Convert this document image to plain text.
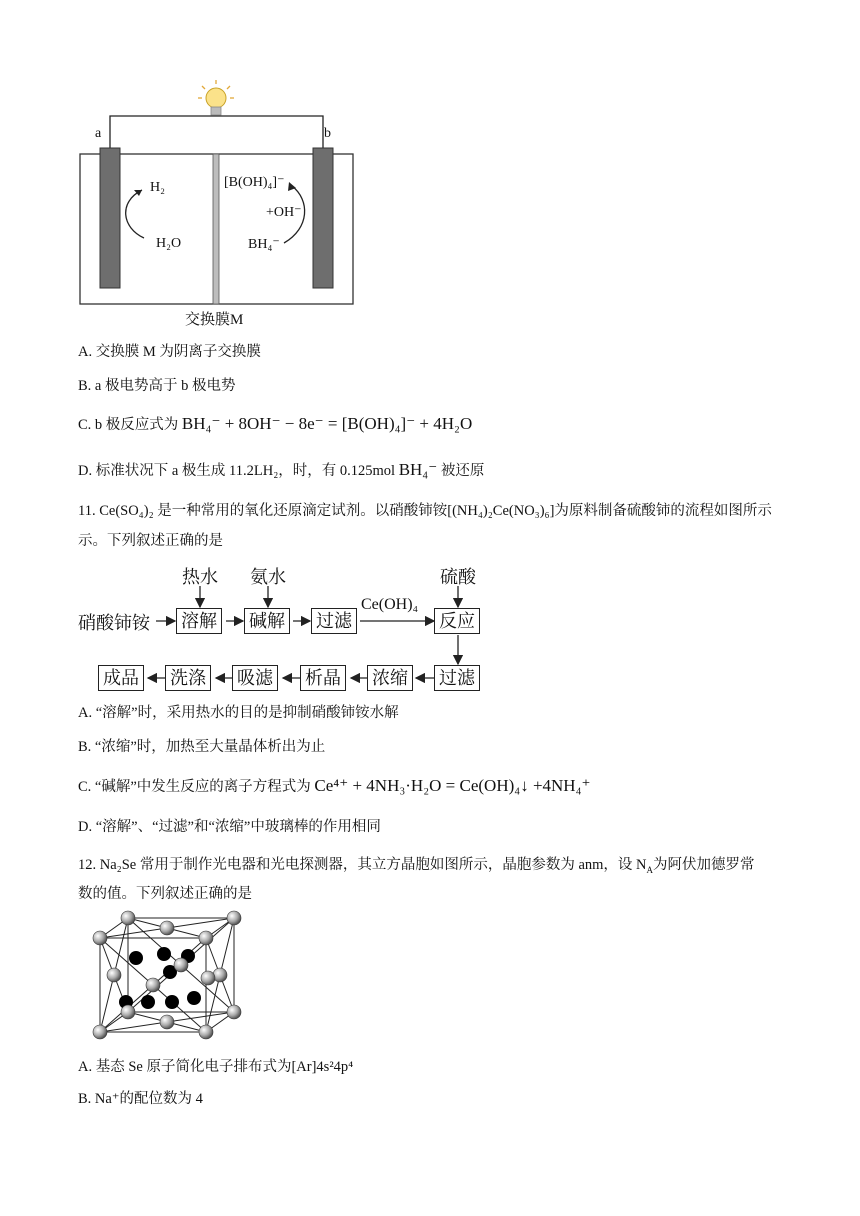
a	b
H₂
H₂O
[B(OH)₄]⁻
+OH⁻
BH₄⁻
交换膜M
A. 交换膜 M 为阴离子交换膜
B. a 极电势高于 b 极电势
C. b 极反应式为 BH₄⁻ + 8OH⁻ − 8e⁻ = [B(OH)₄]⁻ + 4H₂O
D. 标准状况下 a 极生成 11.2LH₂，时，有 0.125mol BH₄⁻ 被还原
11. Ce(SO₄)₂ 是一种常用的氧化还原滴定试剂。以硝酸铈铵[(NH₄)₂Ce(NO₃)₆]为原料制备硫酸铈的流程如图所示
示。下列叙述正确的是
硝酸铈铵
热水 氨水	硫酸
溶解 碱解 过滤
Ce(OH)₄
反应
过滤
浓缩
析晶
吸滤
洗涤
成品
A. “溶解”时，采用热水的目的是抑制硝酸铈铵水解
B. “浓缩”时，加热至大量晶体析出为止
C. “碱解”中发生反应的离子方程式为 Ce⁴⁺ + 4NH₃·H₂O = Ce(OH)₄↓ +4NH₄⁺
D. “溶解”、“过滤”和“浓缩”中玻璃棒的作用相同
12. Na₂Se 常用于制作光电器和光电探测器，其立方晶胞如图所示，晶胞参数为 anm，设 $N_A$为阿伏加德罗常
数的值。下列叙述正确的是
A. 基态 Se 原子简化电子排布式为[Ar]4s²4p⁴
B. Na⁺的配位数为 4
